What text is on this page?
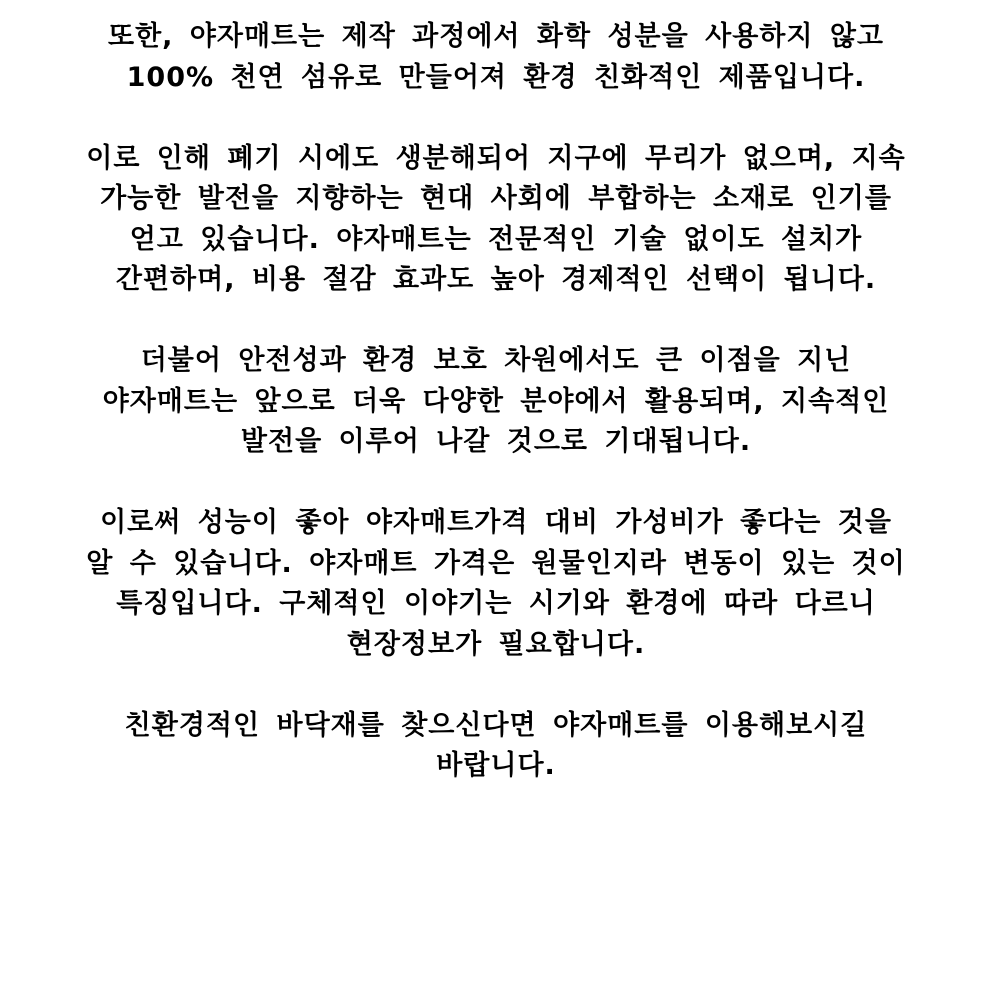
또한, 야자매트는 제작 과정에서 화학 성분을 사용하지 않고
100% 천연 섬유로 만들어져 환경 친화적인 제품입니다.
이로 인해 폐기 시에도 생분해되어 지구에 무리가 없으며, 지속
가능한 발전을 지향하는 현대 사회에 부합하는 소재로 인기를
얻고 있습니다. 야자매트는 전문적인 기술 없이도 설치가
간편하며, 비용 절감 효과도 높아 경제적인 선택이 됩니다.
더불어 안전성과 환경 보호 차원에서도 큰 이점을 지닌
야자매트는 앞으로 더욱 다양한 분야에서 활용되며, 지속적인
발전을 이루어 나갈 것으로 기대됩니다.
이로써 성능이 좋아 야자매트가격 대비 가성비가 좋다는 것을
알 수 있습니다. 야자매트 가격은 원물인지라 변동이 있는 것이
특징입니다. 구체적인 이야기는 시기와 환경에 따라 다르니
현장정보가 필요합니다.
친환경적인 바닥재를 찾으신다면 야자매트를 이용해보시길
바랍니다.
